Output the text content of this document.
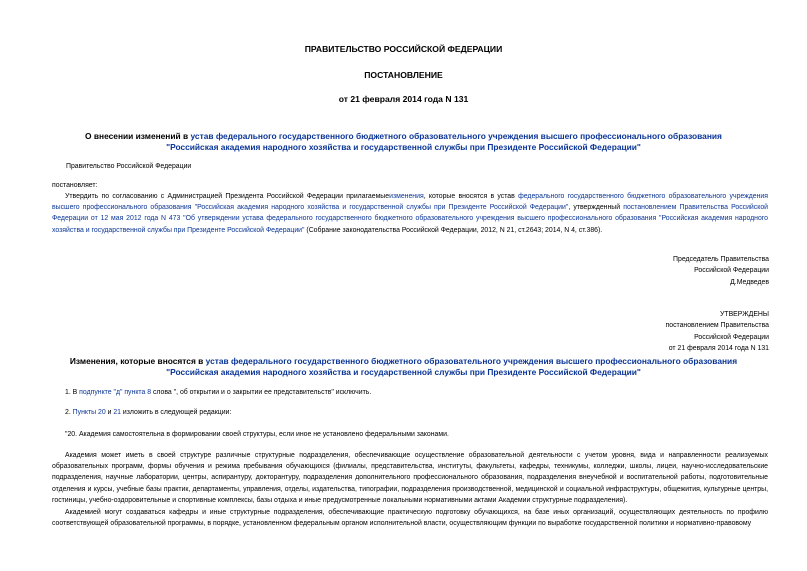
ПРАВИТЕЛЬСТВО РОССИЙСКОЙ ФЕДЕРАЦИИ
ПОСТАНОВЛЕНИЕ
от 21 февраля 2014 года N 131
О внесении изменений в устав федерального государственного бюджетного образовательного учреждения высшего профессионального образования
"Российская академия народного хозяйства и государственной службы при Президенте Российской Федерации"
Правительство Российской Федерации
постановляет:
Утвердить по согласованию с Администрацией Президента Российской Федерации прилагаемыеизменения, которые вносятся в устав федерального государственного бюджетного образовательного учреждения высшего профессионального образования "Российская академия народного хозяйства и государственной службы при Президенте Российской Федерации", утвержденный постановлением Правительства Российской Федерации от 12 мая 2012 года N 473 "Об утверждении устава федерального государственного бюджетного образовательного учреждения высшего профессионального образования "Российская академия народного хозяйства и государственной службы при Президенте Российской Федерации" (Собрание законодательства Российской Федерации, 2012, N 21, ст.2643; 2014, N 4, ст.386).
Председатель Правительства
Российской Федерации
Д.Медведев
УТВЕРЖДЕНЫ
постановлением Правительства
Российской Федерации
от 21 февраля 2014 года N 131
Изменения, которые вносятся в устав федерального государственного бюджетного образовательного учреждения высшего профессионального образования
"Российская академия народного хозяйства и государственной службы при Президенте Российской Федерации"
1. В подпункте "д" пункта 8 слова ", об открытии и о закрытии ее представительств" исключить.
2. Пункты 20 и 21 изложить в следующей редакции:
"20. Академия самостоятельна в формировании своей структуры, если иное не установлено федеральными законами.
Академия может иметь в своей структуре различные структурные подразделения, обеспечивающие осуществление образовательной деятельности с учетом уровня, вида и направленности реализуемых образовательных программ, формы обучения и режима пребывания обучающихся (филиалы, представительства, институты, факультеты, кафедры, техникумы, колледжи, школы, лицеи, научно-исследовательские подразделения, научные лаборатории, центры, аспирантуру, докторантуру, подразделения дополнительного профессионального образования, подразделения внеучебной и воспитательной работы, подготовительные отделения и курсы, учебные базы практик, департаменты, управления, отделы, издательства, типографии, подразделения производственной, медицинской и социальной инфраструктуры, общежития, культурные центры, гостиницы, учебно-оздоровительные и спортивные комплексы, базы отдыха и иные предусмотренные локальными нормативными актами Академии структурные подразделения).
Академией могут создаваться кафедры и иные структурные подразделения, обеспечивающие практическую подготовку обучающихся, на базе иных организаций, осуществляющих деятельность по профилю соответствующей образовательной программы, в порядке, установленном федеральным органом исполнительной власти, осуществляющим функции по выработке государственной политики и нормативно-правовому
